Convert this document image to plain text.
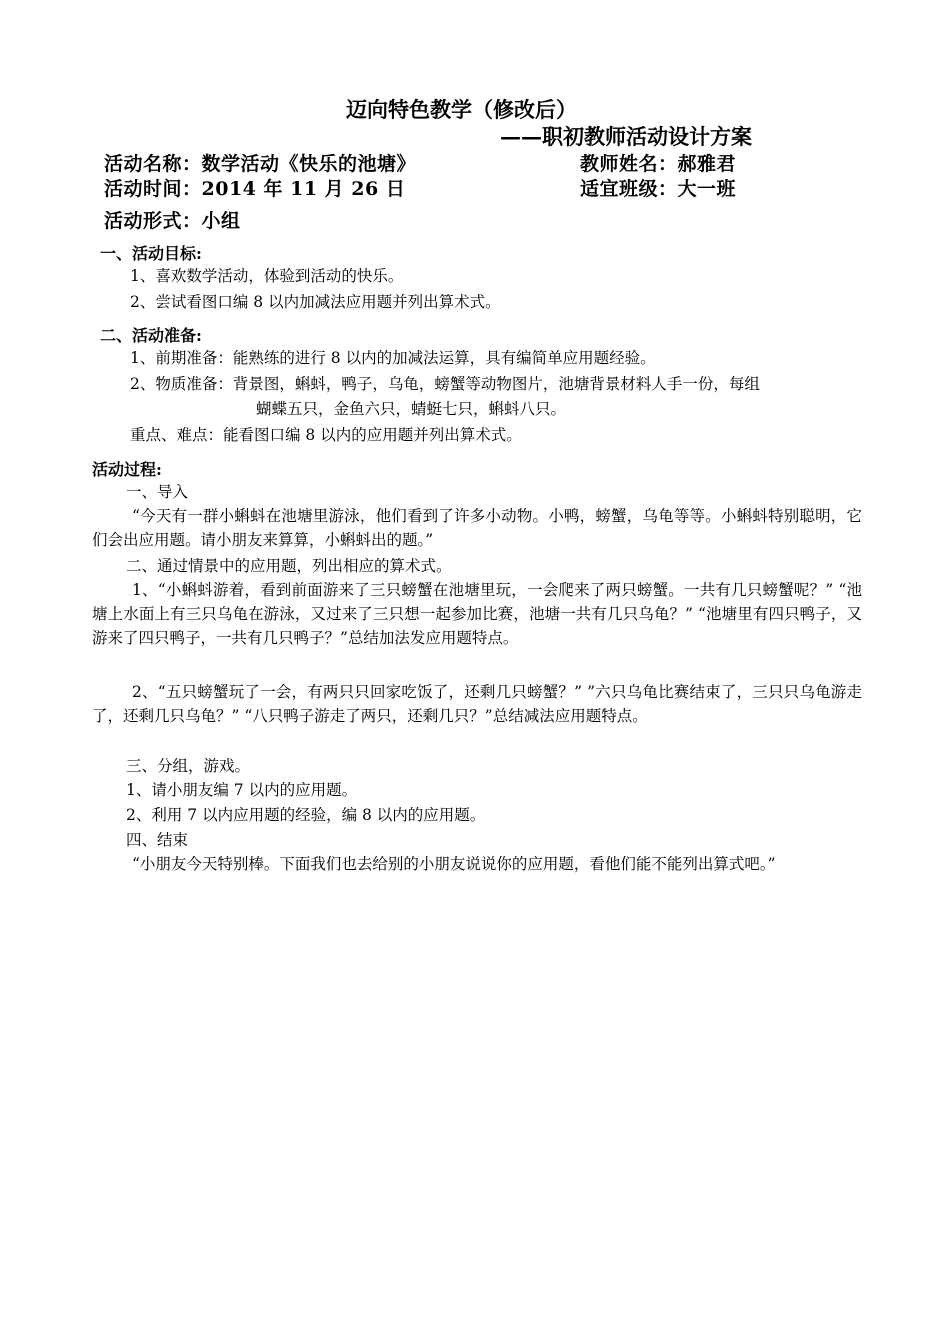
迈向特色教学（修改后）
——职初教师活动设计方案
活动名称：数学活动《快乐的池塘》	教师姓名：郝雅君
活动时间：2014 年 11 月 26 日	适宜班级：大一班
活动形式：小组
一、活动目标:
1、喜欢数学活动，体验到活动的快乐。
2、尝试看图口编 8 以内加减法应用题并列出算术式。
二、活动准备:
1、前期准备：能熟练的进行 8 以内的加减法运算，具有编简单应用题经验。
2、物质准备：背景图，蝌蚪，鸭子，乌龟，螃蟹等动物图片，池塘背景材料人手一份，每组
蝴蝶五只，金鱼六只，蜻蜓七只，蝌蚪八只。
重点、难点：能看图口编 8 以内的应用题并列出算术式。
活动过程:
一、导入
“今天有一群小蝌蚪在池塘里游泳，他们看到了许多小动物。小鸭，螃蟹，乌龟等等。小蝌蚪特别聪明，它们会出应用题。请小朋友来算算，小蝌蚪出的题。”
二、通过情景中的应用题，列出相应的算术式。
1、“小蝌蚪游着，看到前面游来了三只螃蟹在池塘里玩，一会爬来了两只螃蟹。一共有几只螃蟹呢？” “池塘上水面上有三只乌龟在游泳，又过来了三只想一起参加比赛，池塘一共有几只乌龟？” “池塘里有四只鸭子，又游来了四只鸭子，一共有几只鸭子？”总结加法发应用题特点。
2、“五只螃蟹玩了一会，有两只只回家吃饭了，还剩几只螃蟹？” ”六只乌龟比赛结束了，三只只乌龟游走了，还剩几只乌龟？” “八只鸭子游走了两只，还剩几只？”总结减法应用题特点。
三、分组，游戏。
1、请小朋友编 7 以内的应用题。
2、利用 7 以内应用题的经验，编 8 以内的应用题。
四、结束
“小朋友今天特别棒。下面我们也去给别的小朋友说说你的应用题，看他们能不能列出算式吧。”
